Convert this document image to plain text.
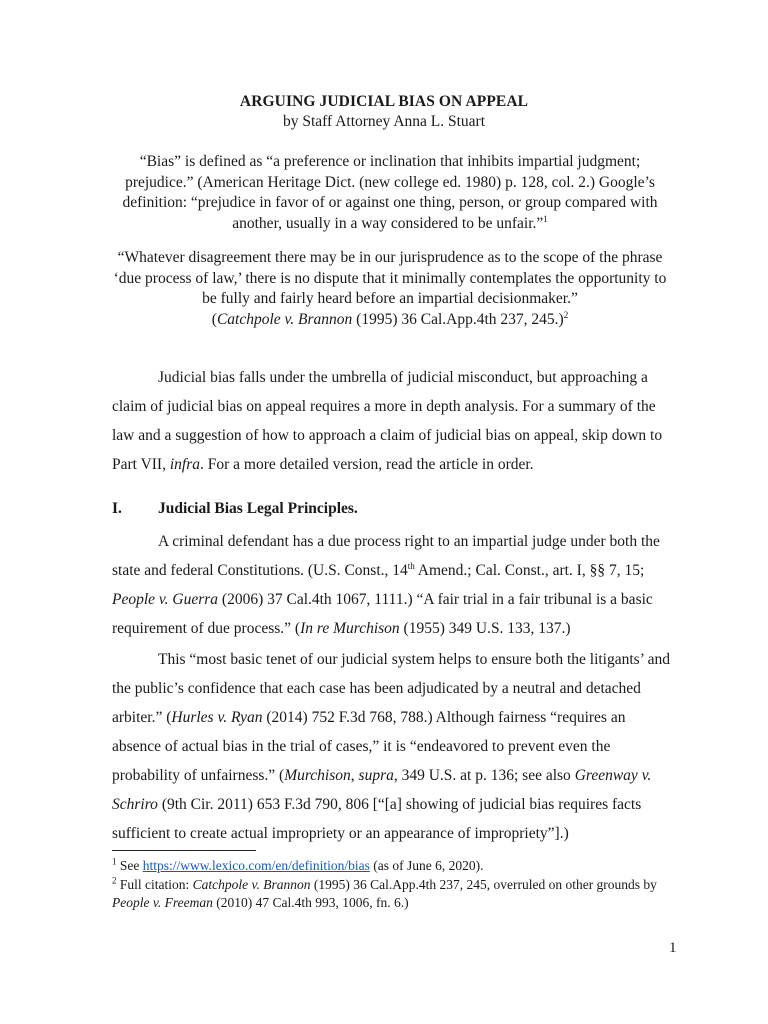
ARGUING JUDICIAL BIAS ON APPEAL
by Staff Attorney Anna L. Stuart
“Bias” is defined as “a preference or inclination that inhibits impartial judgment; prejudice.” (American Heritage Dict. (new college ed. 1980) p. 128, col. 2.) Google’s definition: “prejudice in favor of or against one thing, person, or group compared with another, usually in a way considered to be unfair.”$^1$
“Whatever disagreement there may be in our jurisprudence as to the scope of the phrase ‘due process of law,’ there is no dispute that it minimally contemplates the opportunity to be fully and fairly heard before an impartial decisionmaker.”
(Catchpole v. Brannon (1995) 36 Cal.App.4th 237, 245.)$^2$

Judicial bias falls under the umbrella of judicial misconduct, but approaching a claim of judicial bias on appeal requires a more in depth analysis. For a summary of the law and a suggestion of how to approach a claim of judicial bias on appeal, skip down to Part VII, infra. For a more detailed version, read the article in order.

I. Judicial Bias Legal Principles.

A criminal defendant has a due process right to an impartial judge under both the state and federal Constitutions. (U.S. Const., 14th Amend.; Cal. Const., art. I, §§ 7, 15; People v. Guerra (2006) 37 Cal.4th 1067, 1111.) “A fair trial in a fair tribunal is a basic requirement of due process.” (In re Murchison (1955) 349 U.S. 133, 137.)

This “most basic tenet of our judicial system helps to ensure both the litigants’ and the public’s confidence that each case has been adjudicated by a neutral and detached arbiter.” (Hurles v. Ryan (2014) 752 F.3d 768, 788.) Although fairness “requires an absence of actual bias in the trial of cases,” it is “endeavored to prevent even the probability of unfairness.” (Murchison, supra, 349 U.S. at p. 136; see also Greenway v. Schriro (9th Cir. 2011) 653 F.3d 790, 806 [“[a] showing of judicial bias requires facts sufficient to create actual impropriety or an appearance of impropriety”].)

$^1$ See https://www.lexico.com/en/definition/bias (as of June 6, 2020).
$^2$ Full citation: Catchpole v. Brannon (1995) 36 Cal.App.4th 237, 245, overruled on other grounds by People v. Freeman (2010) 47 Cal.4th 993, 1006, fn. 6.)
1
